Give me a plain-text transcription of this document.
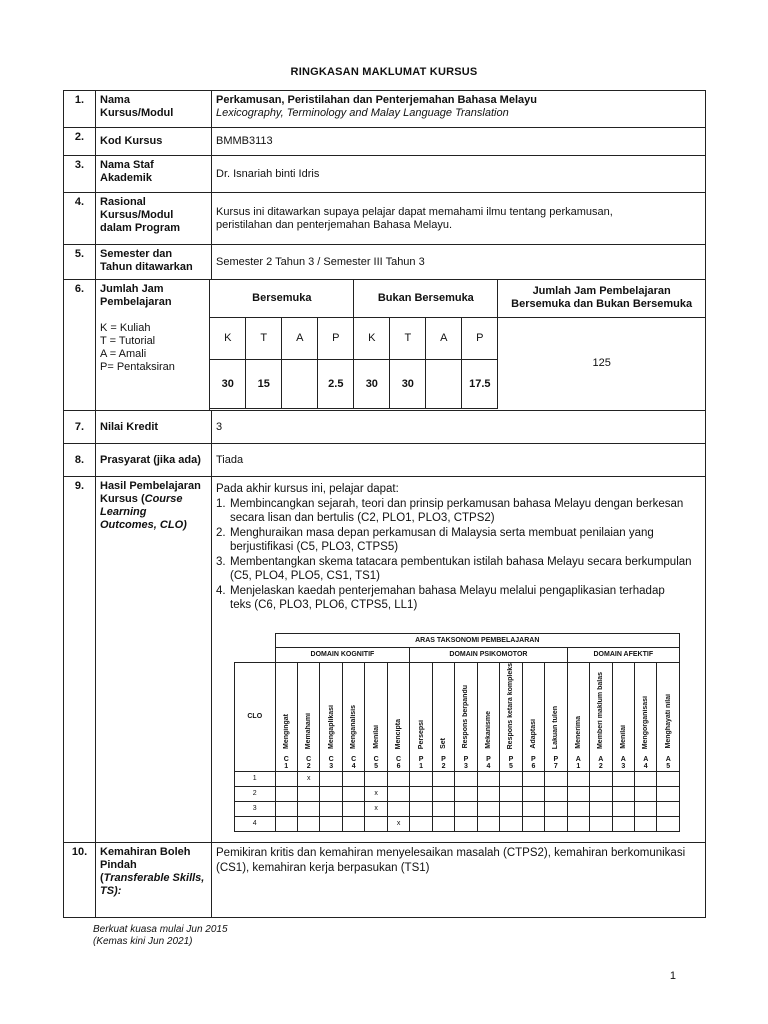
RINGKASAN MAKLUMAT KURSUS
1.	Nama
Kursus/Modul

Perkamusan, Peristilahan dan Penterjemahan Bahasa Melayu
Lexicography, Terminology and Malay Language Translation

2.	Kod Kursus	BMMB3113
3.	Nama Staf
Akademik	Dr. Isnariah binti Idris
4.	Rasional
Kursus/Modul
dalam Program

Kursus ini ditawarkan supaya pelajar dapat memahami ilmu tentang perkamusan,
peristilahan dan penterjemahan Bahasa Melayu.

5.	Semester dan
Tahun ditawarkan	Semester 2 Tahun 3 / Semester III Tahun 3
6.	Jumlah Jam
Pembelajaran
K = Kuliah
T = Tutorial
A = Amali
P= Pentaksiran
Bersemuka	Bukan Bersemuka	
Jumlah Jam Pembelajaran
Bersemuka dan Bukan Bersemuka

K	T	A	P	K	T	A	P	125
30	15		2.5	30	30		17.5

7.	Nilai Kredit	3
8.	Prasyarat (jika ada)	Tiada
9.	Hasil Pembelajaran
Kursus (Course
Learning
Outcomes, CLO)

Pada akhir kursus ini, pelajar dapat:
1. Membincangkan sejarah, teori dan prinsip perkamusan bahasa Melayu dengan berkesan
secara lisan dan bertulis (C2, PLO1, PLO3, CTPS2)
2. Menghuraikan masa depan perkamusan di Malaysia serta membuat penilaian yang
berjustifikasi (C5, PLO3, CTPS5)
3. Membentangkan skema tatacara pembentukan istilah bahasa Melayu secara berkumpulan
(C5, PLO4, PLO5, CS1, TS1)
4. Menjelaskan kaedah penterjemahan bahasa Melayu melalui pengaplikasian terhadap
teks (C6, PLO3, PLO6, CTPS5, LL1)
	ARAS TAKSONOMI PEMBELAJARAN
DOMAIN KOGNITIF	DOMAIN PSIKOMOTOR	DOMAIN AFEKTIF
CLO	Mengingat
C
1
	Memahami
C
2
	Mengaplikasi
C
3
	Menganalisis
C
4
	Menilai
C
5
	Mencipta
C
6
	Persepsi
P
1
	Set
P
2
	Respons berpandu
P
3
	Mekanisme
P
4
	Respons ketara kompleks
P
5
	Adaptasi
P
6
	Lakuan tulen
P
7
	Menerima
A
1
	Memberi maklum balas
A
2
	Menilai
A
3
	Mengorganisasi
A
4
	Menghayati nilai
A
5

1		x																
2					x													
3					x													
4						x												

10.	Kemahiran Boleh
Pindah
(Transferable Skills,
TS):

Pemikiran kritis dan kemahiran menyelesaikan masalah (CTPS2), kemahiran berkomunikasi
(CS1), kemahiran kerja berpasukan (TS1)
Berkuat kuasa mulai Jun 2015
(Kemas kini Jun 2021)
1
